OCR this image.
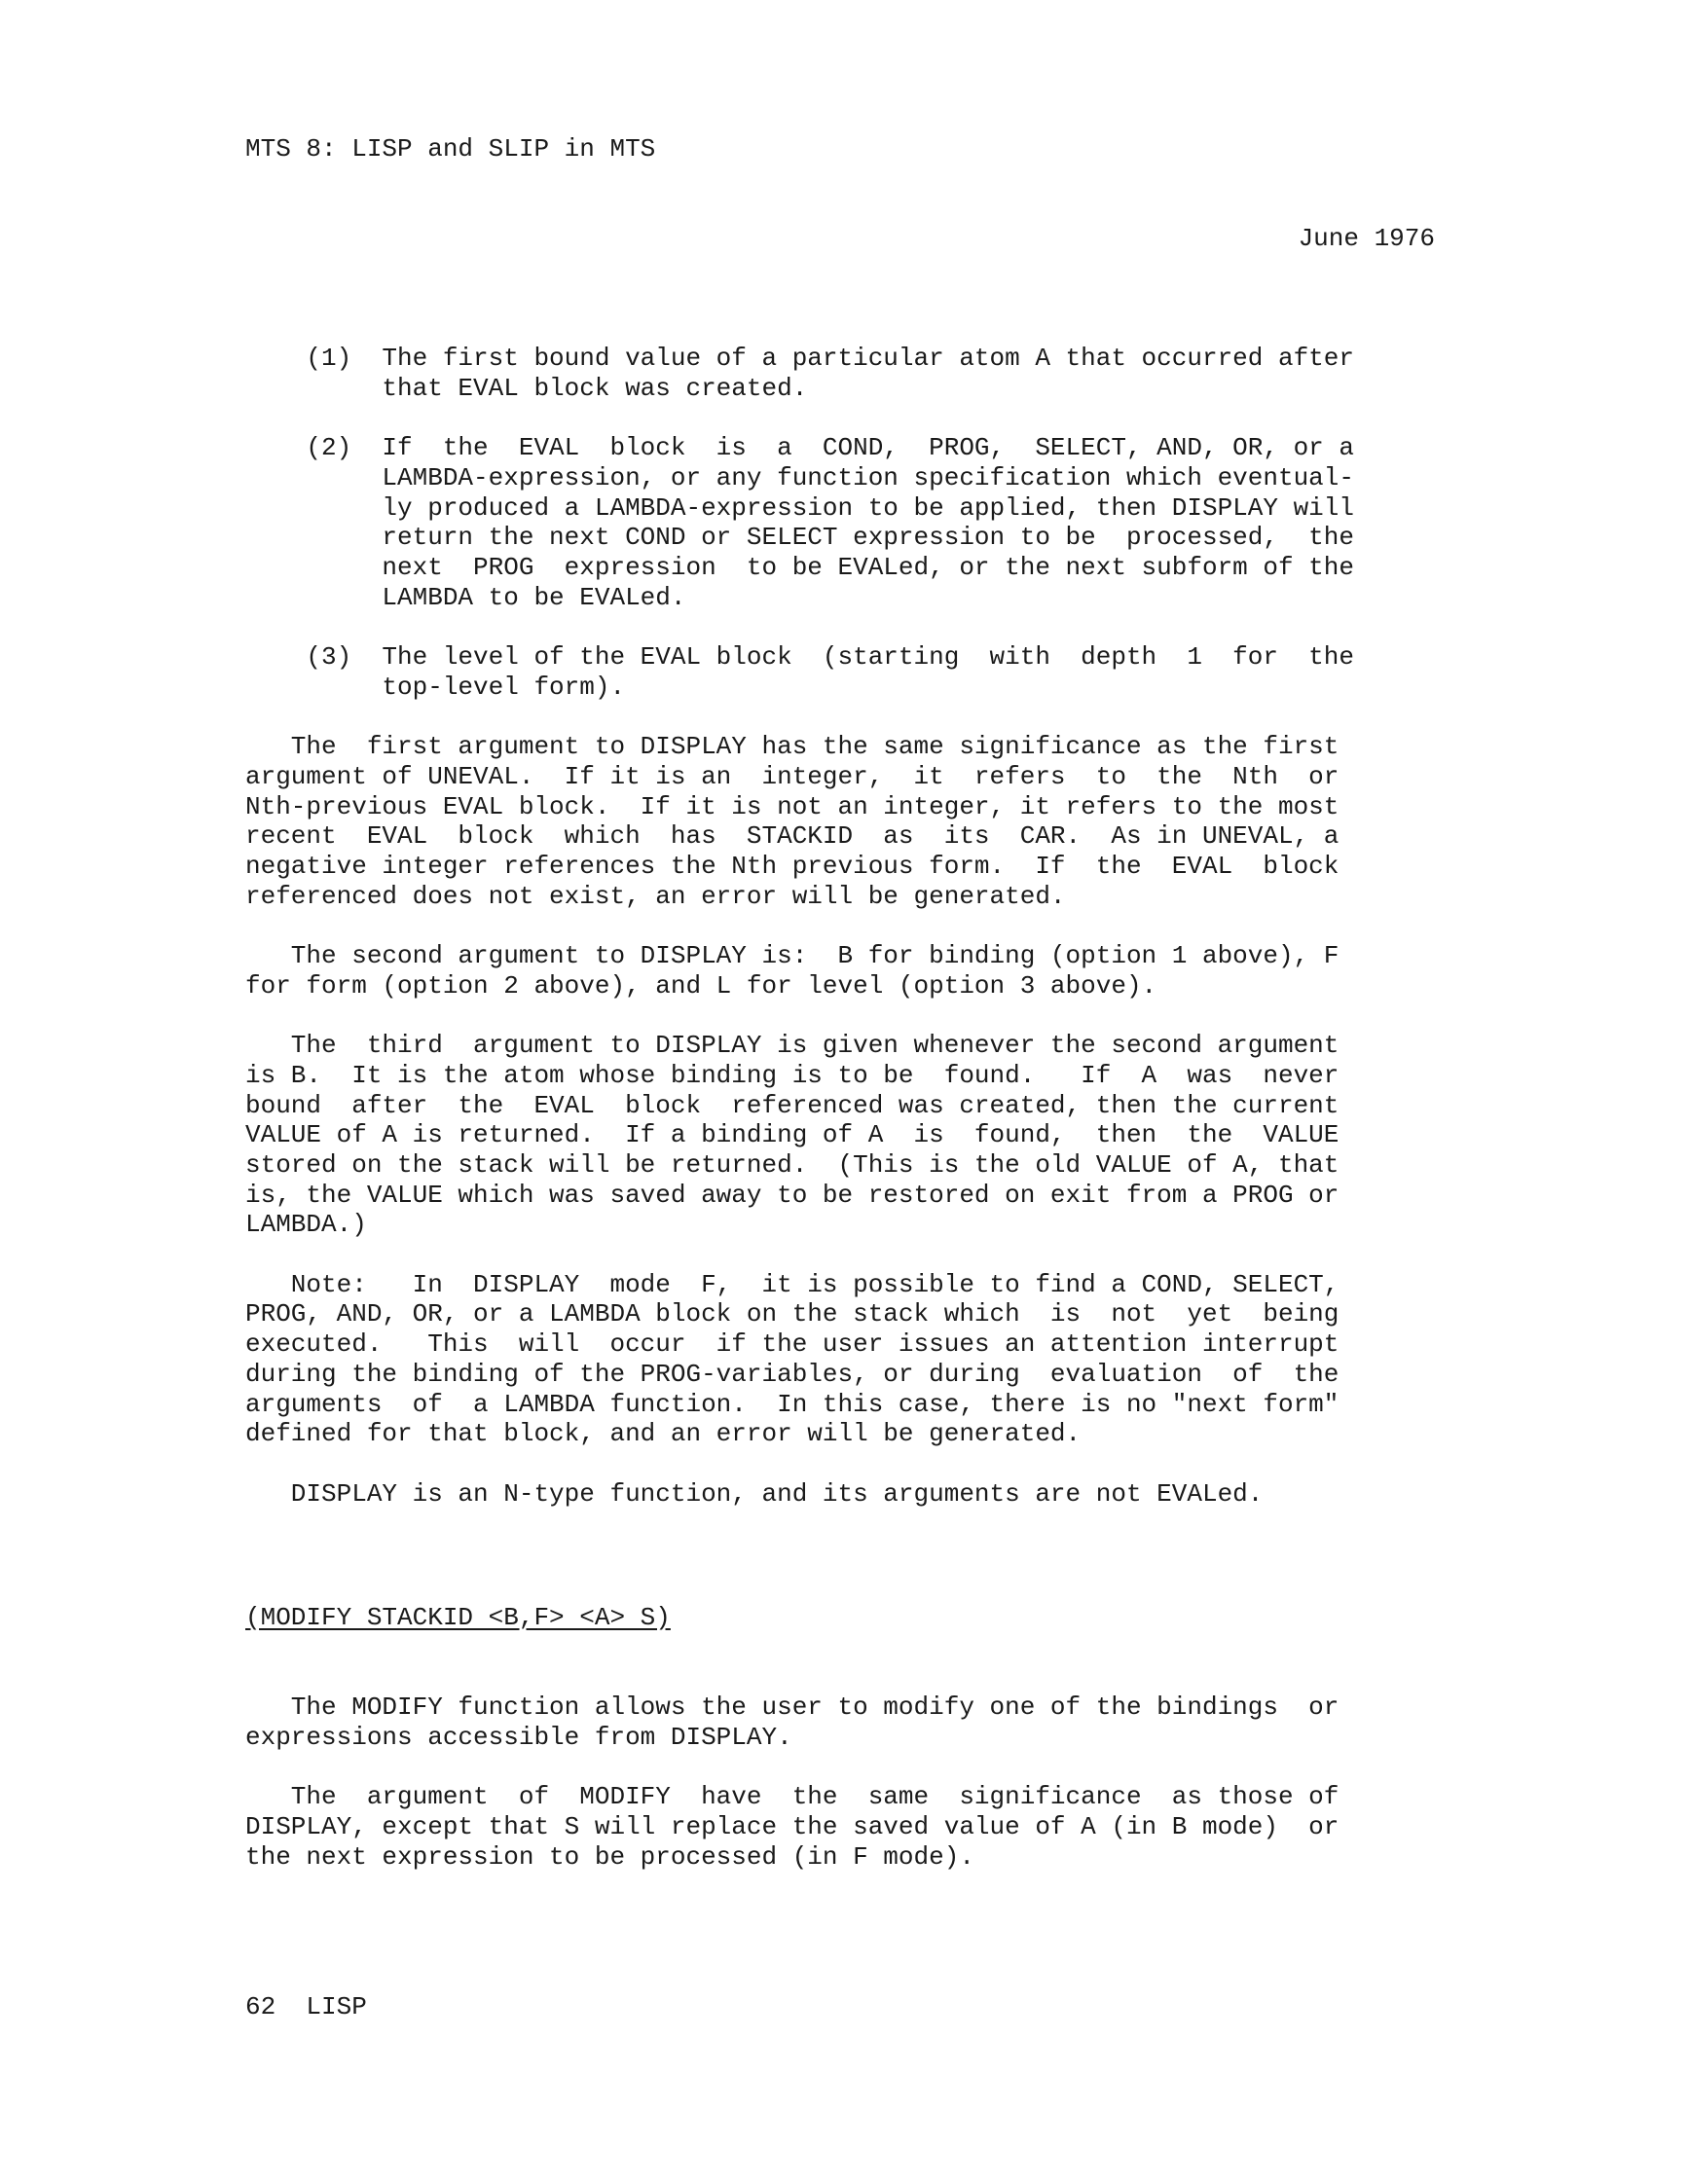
MTS 8: LISP and SLIP in MTS
June 1976
(1)  The first bound value of a particular atom A that occurred after
that EVAL block was created.
(2)  If  the  EVAL  block  is  a  COND,  PROG,  SELECT, AND, OR, or a
LAMBDA-expression, or any function specification which eventual-
ly produced a LAMBDA-expression to be applied, then DISPLAY will
return the next COND or SELECT expression to be  processed,  the
next  PROG  expression  to be EVALed, or the next subform of the
LAMBDA to be EVALed.
(3)  The level of the EVAL block  (starting  with  depth  1  for  the
top-level form).
The  first argument to DISPLAY has the same significance as the first
argument of UNEVAL.  If it is an  integer,  it  refers  to  the  Nth  or
Nth-previous EVAL block.  If it is not an integer, it refers to the most
recent  EVAL  block  which  has  STACKID  as  its  CAR.  As in UNEVAL, a
negative integer references the Nth previous form.  If  the  EVAL  block
referenced does not exist, an error will be generated.
The second argument to DISPLAY is:  B for binding (option 1 above), F
for form (option 2 above), and L for level (option 3 above).
The  third  argument to DISPLAY is given whenever the second argument
is B.  It is the atom whose binding is to be  found.   If  A  was  never
bound  after  the  EVAL  block  referenced was created, then the current
VALUE of A is returned.  If a binding of A  is  found,  then  the  VALUE
stored on the stack will be returned.  (This is the old VALUE of A, that
is, the VALUE which was saved away to be restored on exit from a PROG or
LAMBDA.)
Note:   In  DISPLAY  mode  F,  it is possible to find a COND, SELECT,
PROG, AND, OR, or a LAMBDA block on the stack which  is  not  yet  being
executed.   This  will  occur  if the user issues an attention interrupt
during the binding of the PROG-variables, or during  evaluation  of  the
arguments  of  a LAMBDA function.  In this case, there is no "next form"
defined for that block, and an error will be generated.
DISPLAY is an N-type function, and its arguments are not EVALed.
(MODIFY STACKID <B,F> <A> S)
The MODIFY function allows the user to modify one of the bindings  or
expressions accessible from DISPLAY.
The  argument  of  MODIFY  have  the  same  significance  as those of
DISPLAY, except that S will replace the saved value of A (in B mode)  or
the next expression to be processed (in F mode).
62  LISP
